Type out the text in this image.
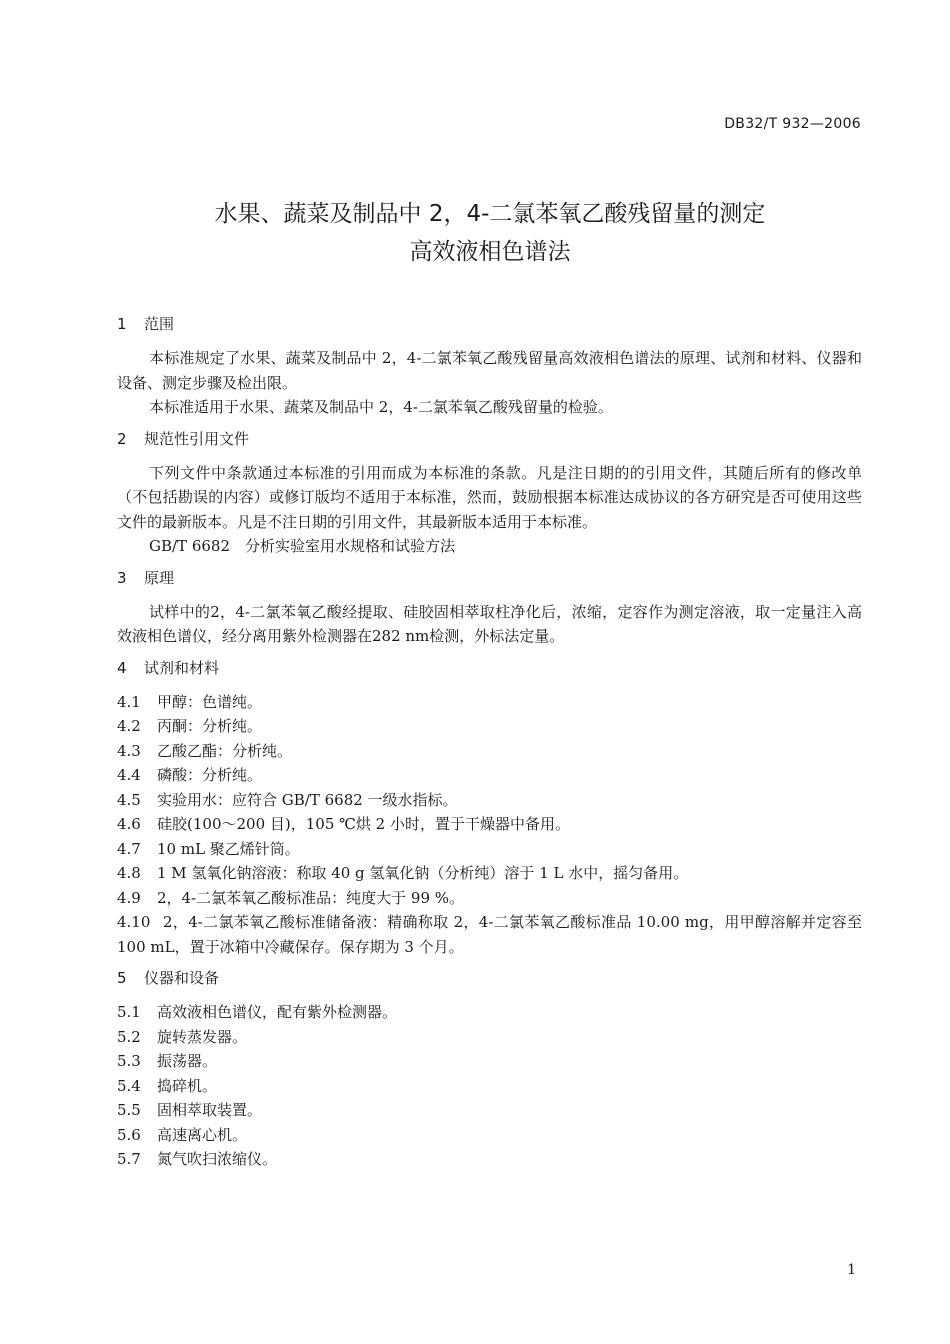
DB32/T 932—2006
水果、蔬菜及制品中 2，4-二氯苯氧乙酸残留量的测定
高效液相色谱法
1 范围

本标准规定了水果、蔬菜及制品中 2，4-二氯苯氧乙酸残留量高效液相色谱法的原理、试剂和材料、仪器和设备、测定步骤及检出限。

本标准适用于水果、蔬菜及制品中 2，4-二氯苯氧乙酸残留量的检验。

2 规范性引用文件

下列文件中条款通过本标准的引用而成为本标准的条款。凡是注日期的的引用文件，其随后所有的修改单（不包括勘误的内容）或修订版均不适用于本标准，然而，鼓励根据本标准达成协议的各方研究是否可使用这些文件的最新版本。凡是不注日期的引用文件，其最新版本适用于本标准。

GB/T 6682　分析实验室用水规格和试验方法

3 原理

试样中的2，4-二氯苯氧乙酸经提取、硅胶固相萃取柱净化后，浓缩，定容作为测定溶液，取一定量注入高效液相色谱仪，经分离用紫外检测器在282 nm检测，外标法定量。

4 试剂和材料

4.1 甲醇：色谱纯。

4.2 丙酮：分析纯。

4.3 乙酸乙酯：分析纯。

4.4 磷酸：分析纯。

4.5 实验用水：应符合 GB/T 6682 一级水指标。

4.6 硅胶(100～200 目)，105 ℃烘 2 小时，置于干燥器中备用。

4.7 10 mL 聚乙烯针筒。

4.8 1 M 氢氧化钠溶液：称取 40 g 氢氧化钠（分析纯）溶于 1 L 水中，摇匀备用。

4.9 2，4-二氯苯氧乙酸标准品：纯度大于 99 %。

4.10 2，4-二氯苯氧乙酸标准储备液：精确称取 2，4-二氯苯氧乙酸标准品 10.00 mg，用甲醇溶解并定容至 100 mL，置于冰箱中冷藏保存。保存期为 3 个月。

5 仪器和设备

5.1 高效液相色谱仪，配有紫外检测器。

5.2 旋转蒸发器。

5.3 振荡器。

5.4 捣碎机。

5.5 固相萃取装置。

5.6 高速离心机。

5.7 氮气吹扫浓缩仪。

1
